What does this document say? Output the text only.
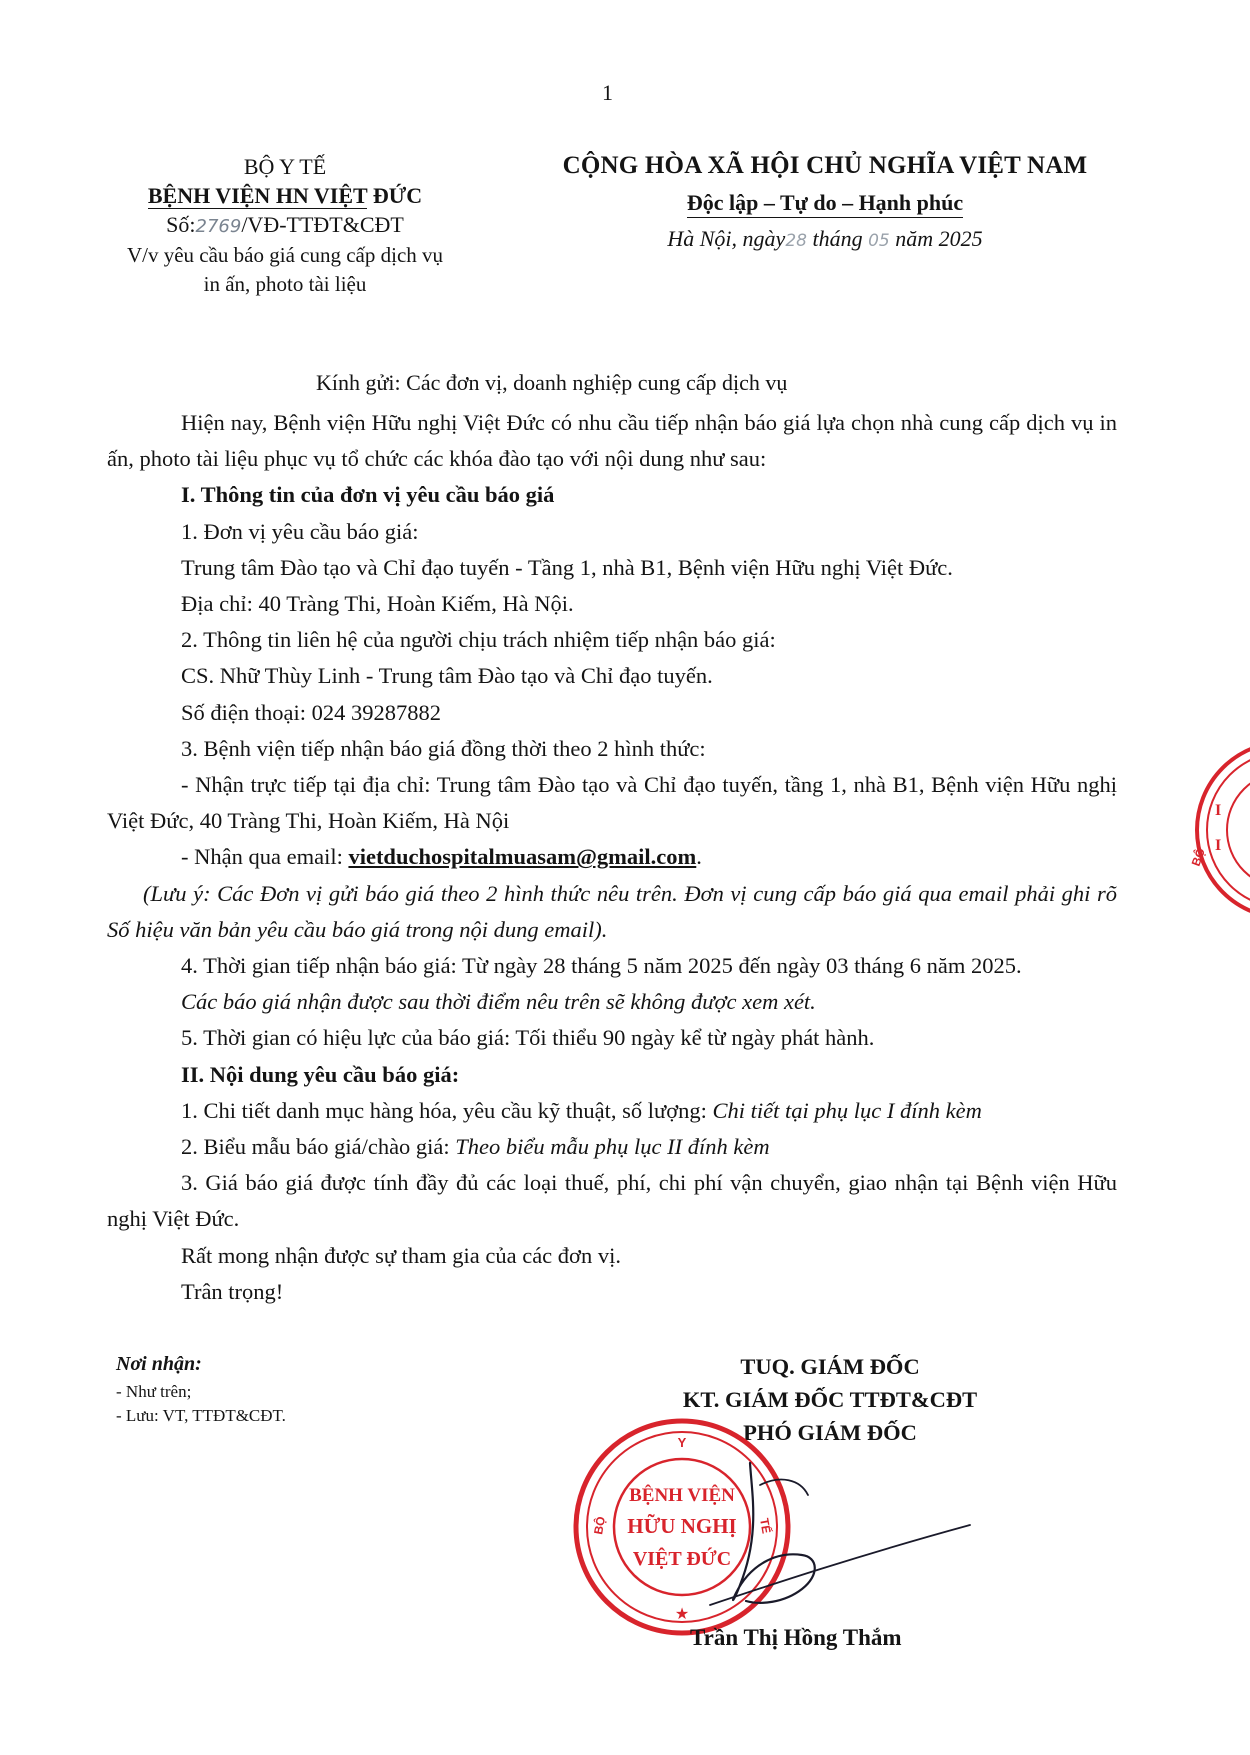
1
BỘ Y TẾ
BỆNH VIỆN HN VIỆT ĐỨC
Số:2769/VĐ-TTĐT&CĐT
V/v yêu cầu báo giá cung cấp dịch vụ
in ấn, photo tài liệu
CỘNG HÒA XÃ HỘI CHỦ NGHĨA VIỆT NAM
Độc lập – Tự do – Hạnh phúc
Hà Nội, ngày28 tháng 05 năm 2025
Kính gửi: Các đơn vị, doanh nghiệp cung cấp dịch vụ

Hiện nay, Bệnh viện Hữu nghị Việt Đức có nhu cầu tiếp nhận báo giá lựa chọn nhà cung cấp dịch vụ in ấn, photo tài liệu phục vụ tổ chức các khóa đào tạo với nội dung như sau:

I. Thông tin của đơn vị yêu cầu báo giá

1. Đơn vị yêu cầu báo giá:

Trung tâm Đào tạo và Chỉ đạo tuyến - Tầng 1, nhà B1, Bệnh viện Hữu nghị Việt Đức.

Địa chỉ: 40 Tràng Thi, Hoàn Kiếm, Hà Nội.

2. Thông tin liên hệ của người chịu trách nhiệm tiếp nhận báo giá:

CS. Nhữ Thùy Linh - Trung tâm Đào tạo và Chỉ đạo tuyến.

Số điện thoại: 024 39287882

3. Bệnh viện tiếp nhận báo giá đồng thời theo 2 hình thức:

- Nhận trực tiếp tại địa chỉ: Trung tâm Đào tạo và Chỉ đạo tuyến, tầng 1, nhà B1, Bệnh viện Hữu nghị Việt Đức, 40 Tràng Thi, Hoàn Kiếm, Hà Nội

- Nhận qua email: vietduchospitalmuasam@gmail.com.

(Lưu ý: Các Đơn vị gửi báo giá theo 2 hình thức nêu trên. Đơn vị cung cấp báo giá qua email phải ghi rõ Số hiệu văn bản yêu cầu báo giá trong nội dung email).

4. Thời gian tiếp nhận báo giá: Từ ngày 28 tháng 5 năm 2025 đến ngày 03 tháng 6 năm 2025.

Các báo giá nhận được sau thời điểm nêu trên sẽ không được xem xét.

5. Thời gian có hiệu lực của báo giá: Tối thiểu 90 ngày kể từ ngày phát hành.

II. Nội dung yêu cầu báo giá:

1. Chi tiết danh mục hàng hóa, yêu cầu kỹ thuật, số lượng: Chi tiết tại phụ lục I đính kèm

2. Biểu mẫu báo giá/chào giá: Theo biểu mẫu phụ lục II đính kèm

3. Giá báo giá được tính đầy đủ các loại thuế, phí, chi phí vận chuyển, giao nhận tại Bệnh viện Hữu nghị Việt Đức.

Rất mong nhận được sự tham gia của các đơn vị.

Trân trọng!

Nơi nhận:
- Như trên;
- Lưu: VT, TTĐT&CĐT.
TUQ. GIÁM ĐỐC
KT. GIÁM ĐỐC TTĐT&CĐT
PHÓ GIÁM ĐỐC
I
I
BỘ
BỆNH VIỆN
HỮU NGHỊ
VIỆT ĐỨC
Y
BỘ	TẾ
★
Trần Thị Hồng Thắm
